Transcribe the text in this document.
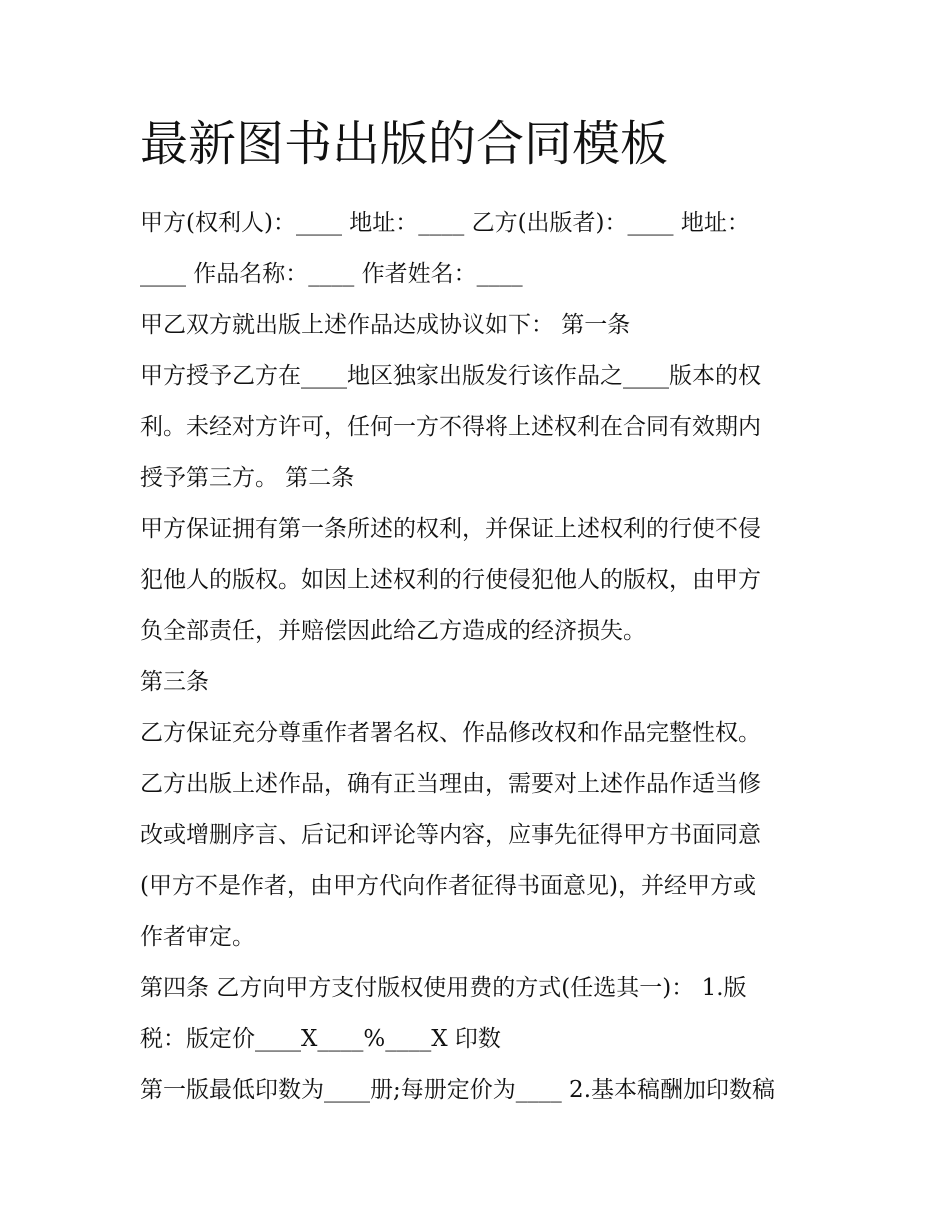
最新图书出版的合同模板

甲方(权利人)：____ 地址：____ 乙方(出版者)：____ 地址：

____ 作品名称：____ 作者姓名：____

甲乙双方就出版上述作品达成协议如下： 第一条

甲方授予乙方在____地区独家出版发行该作品之____版本的权

利。未经对方许可，任何一方不得将上述权利在合同有效期内

授予第三方。 第二条

甲方保证拥有第一条所述的权利，并保证上述权利的行使不侵

犯他人的版权。如因上述权利的行使侵犯他人的版权，由甲方

负全部责任，并赔偿因此给乙方造成的经济损失。

第三条

乙方保证充分尊重作者署名权、作品修改权和作品完整性权。

乙方出版上述作品，确有正当理由，需要对上述作品作适当修

改或增删序言、后记和评论等内容，应事先征得甲方书面同意

(甲方不是作者，由甲方代向作者征得书面意见)，并经甲方或

作者审定。

第四条 乙方向甲方支付版权使用费的方式(任选其一)： 1.版

税：版定价____X____%____X 印数

第一版最低印数为____册;每册定价为____ 2.基本稿酬加印数稿
